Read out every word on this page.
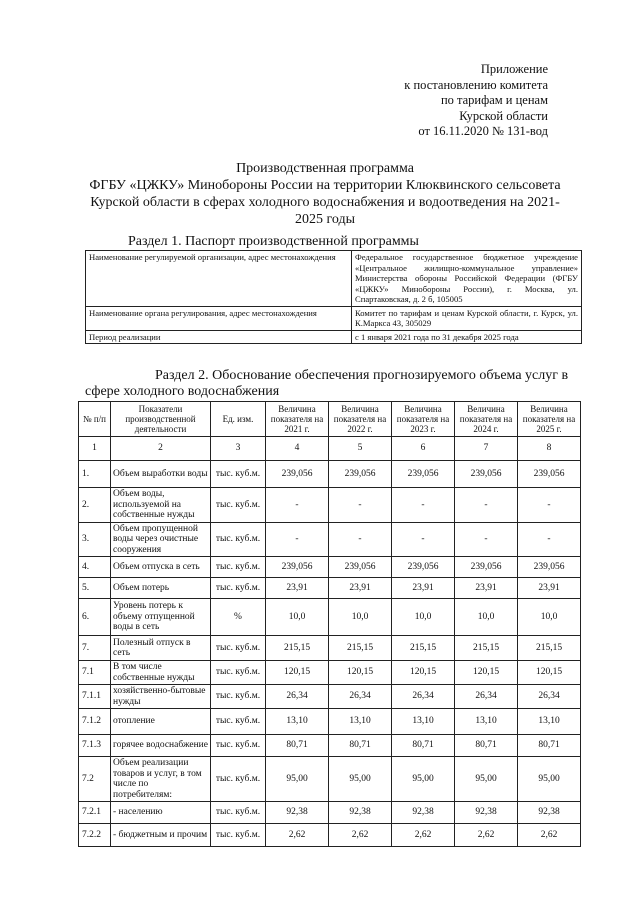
Приложение
к постановлению комитета
по тарифам и ценам
Курской области
от 16.11.2020 № 131-вод
Производственная программа
ФГБУ «ЦЖКУ» Минобороны России на территории Клюквинского сельсовета
Курской области в сферах холодного водоснабжения и водоотведения на 2021-
2025 годы
Раздел 1. Паспорт производственной программы
Наименование регулируемой организации, адрес местонахождения	Федеральное государственное бюджетное учреждение «Центральное жилищно-коммунальное управление» Министерства обороны Российской Федерации (ФГБУ «ЦЖКУ» Минобороны России), г. Москва, ул. Спартаковская, д. 2 б, 105005
Наименование органа регулирования, адрес местонахождения	Комитет по тарифам и ценам Курской области, г. Курск, ул. К.Маркса 43, 305029
Период реализации	с 1 января 2021 года по 31 декабря 2025 года
Раздел 2. Обоснование обеспечения прогнозируемого объема услуг в
сфере холодного водоснабжения
№ п/п	Показатели производственной деятельности	Ед. изм.	Величина показателя на 2021 г.	Величина показателя на 2022 г.	Величина показателя на 2023 г.	Величина показателя на 2024 г.	Величина показателя на 2025 г.
1	2	3	4	5	6	7	8
1.	Объем выработки воды	тыс. куб.м.	239,056	239,056	239,056	239,056	239,056
2.	Объем воды, используемой на собственные нужды	тыс. куб.м.	-	-	-	-	-
3.	Объем пропущенной воды через очистные сооружения	тыс. куб.м.	-	-	-	-	-
4.	Объем отпуска в сеть	тыс. куб.м.	239,056	239,056	239,056	239,056	239,056
5.	Объем потерь	тыс. куб.м.	23,91	23,91	23,91	23,91	23,91
6.	Уровень потерь к объему отпущенной воды в сеть	%	10,0	10,0	10,0	10,0	10,0
7.	Полезный отпуск в сеть	тыс. куб.м.	215,15	215,15	215,15	215,15	215,15
7.1	В том числе собственные нужды	тыс. куб.м.	120,15	120,15	120,15	120,15	120,15
7.1.1	хозяйственно-бытовые нужды	тыс. куб.м.	26,34	26,34	26,34	26,34	26,34
7.1.2	отопление	тыс. куб.м.	13,10	13,10	13,10	13,10	13,10
7.1.3	горячее водоснабжение	тыс. куб.м.	80,71	80,71	80,71	80,71	80,71
7.2	Объем реализации товаров и услуг, в том числе по потребителям:	тыс. куб.м.	95,00	95,00	95,00	95,00	95,00
7.2.1	- населению	тыс. куб.м.	92,38	92,38	92,38	92,38	92,38
7.2.2	- бюджетным и прочим	тыс. куб.м.	2,62	2,62	2,62	2,62	2,62
